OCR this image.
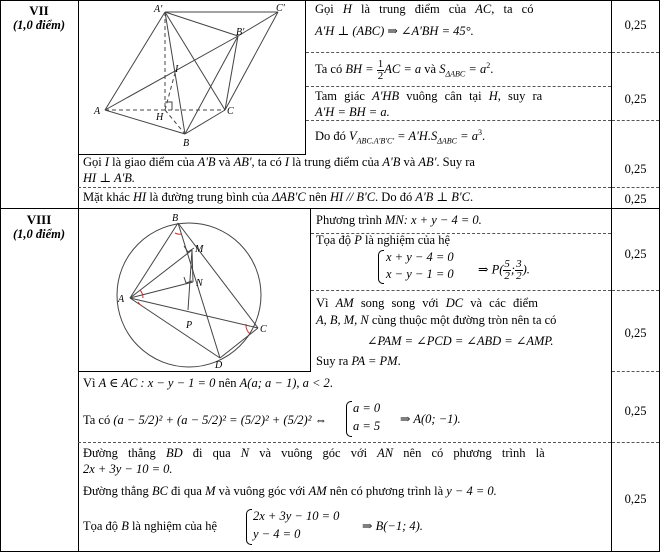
VII
(1,0 điểm)
VIII
(1,0 điểm)
0,25
0,25
0,25
0,25
0,25
0,25
0,25
0,25
A'	C'
B'
I
A
H
C
B
B
M
N
A
P	C
D
Gọi H là trung điểm của AC, ta có
A'H ⊥ (ABC) ⇒ ∠A'BH = 45°.
Ta có BH = $\frac{1}{2}$ AC = a và $S_{\Delta ABC} = a^2$.
Tam giác A'HB vuông cân tại H, suy ra
A'H = BH = a.
Do đó $V_{ABC.A'B'C'} = A'H.S_{\Delta ABC} = a^3$.
Gọi I là giao điểm của A'B và AB', ta có I là trung điểm của A'B và AB'. Suy ra
HI ⊥ A'B.
Mặt khác HI là đường trung bình của ΔAB'C nên HI // B'C. Do đó A'B ⊥ B'C.
Phương trình MN: x + y − 4 = 0.
Tọa độ P là nghiệm của hệ
x + y − 4 = 0
x − y − 1 = 0 ⇒ $P( \frac{5}{2}$ ; $\frac{3}{2}$ ).
Vì AM song song với DC và các điểm
A, B, M, N cùng thuộc một đường tròn nên ta có
∠PAM = ∠PCD = ∠ABD = ∠AMP.
Suy ra PA = PM.
Vì A ∈ AC : x − y − 1 = 0 nên A(a; a − 1), a < 2.
Ta có (a − 5/2)² + (a − 5/2)² = (5/2)² + (5/2)² ⇔
a = 0
a = 5 ⇒ A(0; −1).
Đường thẳng BD đi qua N và vuông góc với AN nên có phương trình là
2x + 3y − 10 = 0.
Đường thẳng BC đi qua M và vuông góc với AM nên có phương trình là y − 4 = 0.
Tọa độ B là nghiệm của hệ
2x + 3y − 10 = 0
y − 4 = 0
⇒ B(−1; 4).
